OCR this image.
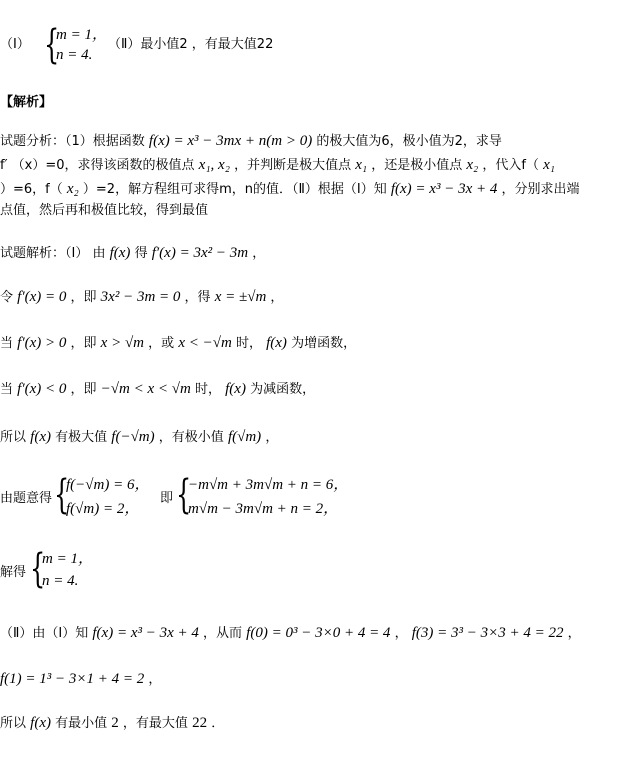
（Ⅰ） {
m = 1，
n = 4.
（Ⅱ）最小值2 ，有最大值22
【解析】
试题分析：（1）根据函数 f(x) = x³ − 3mx + n(m > 0) 的极大值为6，极小值为2，求导
f′ （x）=0，求得该函数的极值点 x₁, x₂ ，并判断是极大值点 x₁ ，还是极小值点 x₂ ，代入f（ x₁
）=6，f（ x₂ ）=2，解方程组可求得m，n的值．（Ⅱ）根据（Ⅰ）知 f(x) = x³ − 3x + 4 ，分别求出端
点值，然后再和极值比较，得到最值
试题解析：（Ⅰ） 由 f(x) 得 f′(x) = 3x² − 3m ，
令 f′(x) = 0 ，即 3x² − 3m = 0 ，得 x = ±√m ，
当 f′(x) > 0 ，即 x > √m ，或 x < −√m 时， f(x) 为增函数，
当 f′(x) < 0 ，即 −√m < x < √m 时， f(x) 为减函数，
所以 f(x) 有极大值 f(−√m) ，有极小值 f(√m) ，
由题意得 {
f(−√m) = 6，
f(√m) = 2，
即 {
−m√m + 3m√m + n = 6，
m√m − 3m√m + n = 2，
解得 {
m = 1，
n = 4.
（Ⅱ）由（Ⅰ）知 f(x) = x³ − 3x + 4 ，从而 f(0) = 0³ − 3×0 + 4 = 4 ， f(3) = 3³ − 3×3 + 4 = 22 ，
f(1) = 1³ − 3×1 + 4 = 2 ，
所以 f(x) 有最小值 2 ，有最大值 22 ．
